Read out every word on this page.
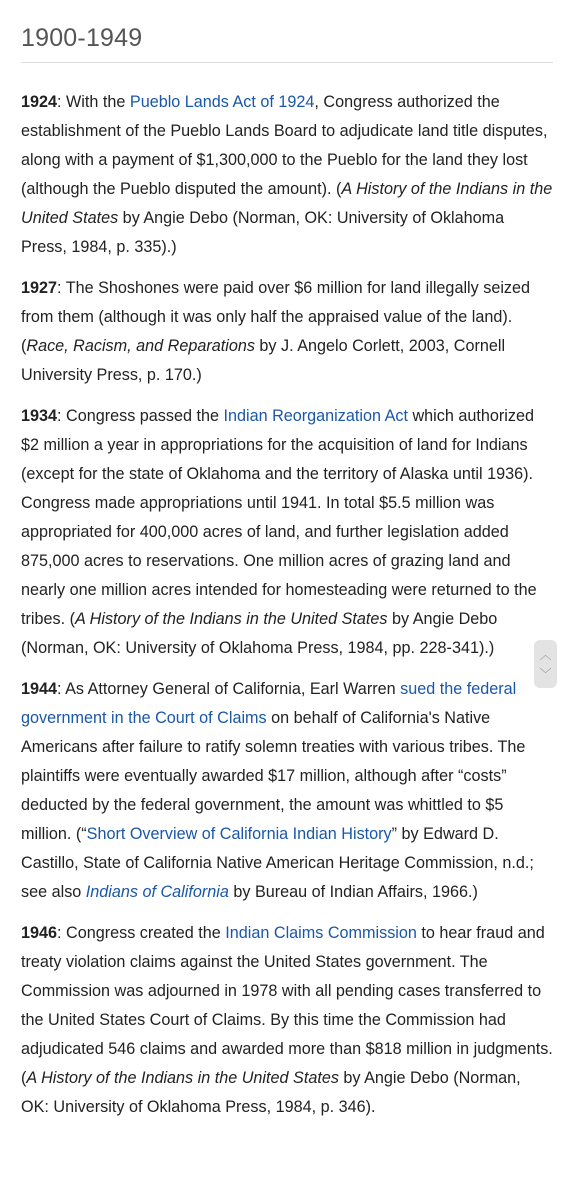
1900-1949

1924: With the Pueblo Lands Act of 1924, Congress authorized the establishment of the Pueblo Lands Board to adjudicate land title disputes, along with a payment of $1,300,000 to the Pueblo for the land they lost (although the Pueblo disputed the amount). (A History of the Indians in the United States by Angie Debo (Norman, OK: University of Oklahoma Press, 1984, p. 335).)

1927: The Shoshones were paid over $6 million for land illegally seized from them (although it was only half the appraised value of the land). (Race, Racism, and Reparations by J. Angelo Corlett, 2003, Cornell University Press, p. 170.)

1934: Congress passed the Indian Reorganization Act which authorized $2 million a year in appropriations for the acquisition of land for Indians (except for the state of Oklahoma and the territory of Alaska until 1936). Congress made appropriations until 1941. In total $5.5 million was appropriated for 400,000 acres of land, and further legislation added 875,000 acres to reservations. One million acres of grazing land and nearly one million acres intended for homesteading were returned to the tribes. (A History of the Indians in the United States by Angie Debo (Norman, OK: University of Oklahoma Press, 1984, pp. 228-341).)

1944: As Attorney General of California, Earl Warren sued the federal government in the Court of Claims on behalf of California's Native Americans after failure to ratify solemn treaties with various tribes. The plaintiffs were eventually awarded $17 million, although after “costs” deducted by the federal government, the amount was whittled to $5 million. (“Short Overview of California Indian History” by Edward D. Castillo, State of California Native American Heritage Commission, n.d.; see also Indians of California by Bureau of Indian Affairs, 1966.)

1946: Congress created the Indian Claims Commission to hear fraud and treaty violation claims against the United States government. The Commission was adjourned in 1978 with all pending cases transferred to the United States Court of Claims. By this time the Commission had adjudicated 546 claims and awarded more than $818 million in judgments. (A History of the Indians in the United States by Angie Debo (Norman, OK: University of Oklahoma Press, 1984, p. 346).

︿
﹀
